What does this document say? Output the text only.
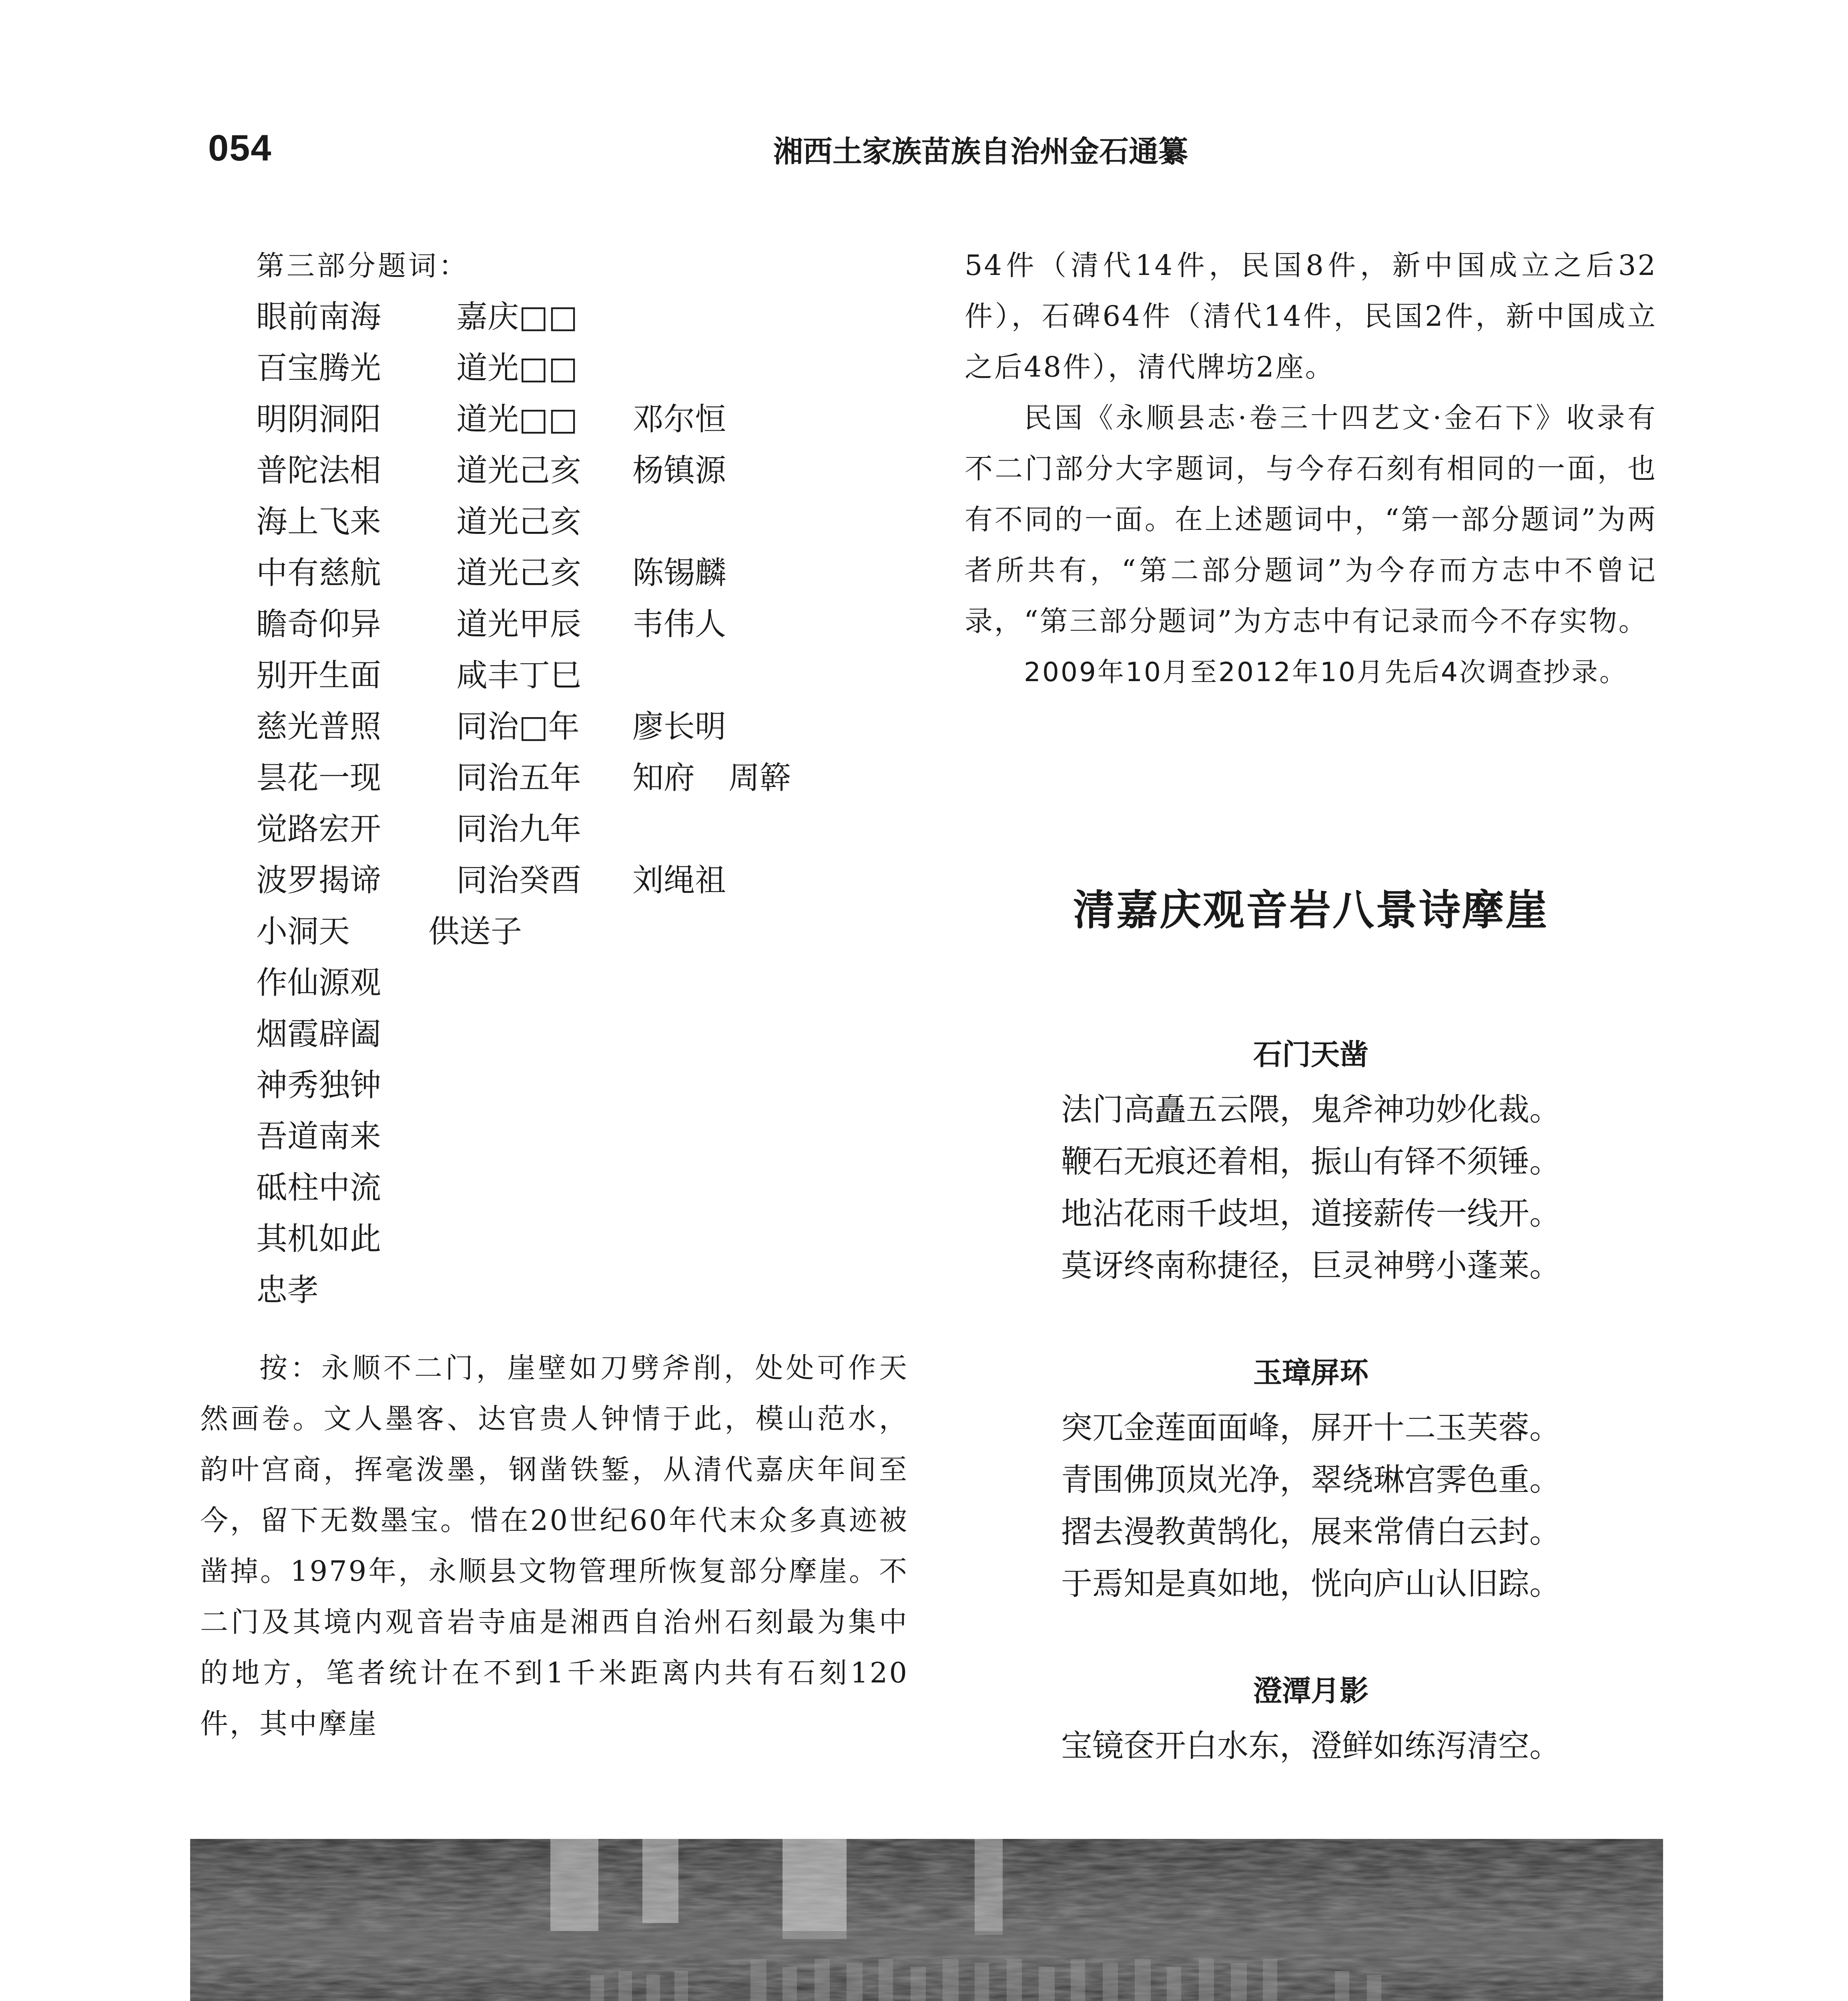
054	湘西土家族苗族自治州金石通纂
第三部分题词：
眼前南海 嘉庆□□
百宝腾光 道光□□
明阴洞阳 道光□□ 邓尔恒
普陀法相 道光己亥 杨镇源
海上飞来 道光己亥
中有慈航 道光己亥 陈锡麟
瞻奇仰异 道光甲辰 韦伟人
别开生面 咸丰丁巳
慈光普照 同治□年 廖长明
昙花一现 同治五年 知府 周簳
觉路宏开 同治九年
波罗揭谛 同治癸酉 刘绳祖
小洞天	供送子
作仙源观
烟霞辟阖
神秀独钟
吾道南来
砥柱中流
其机如此
忠孝
按：永顺不二门，崖壁如刀劈斧削，处处可作天然画卷。文人墨客、达官贵人钟情于此，模山范水，韵叶宫商，挥毫泼墨，钢凿铁錾，从清代嘉庆年间至今，留下无数墨宝。惜在20世纪60年代末众多真迹被凿掉。1979年，永顺县文物管理所恢复部分摩崖。不二门及其境内观音岩寺庙是湘西自治州石刻最为集中的地方，笔者统计在不到1千米距离内共有石刻120件，其中摩崖
54件（清代14件，民国8件，新中国成立之后32件），石碑64件（清代14件，民国2件，新中国成立之后48件），清代牌坊2座。
民国《永顺县志·卷三十四艺文·金石下》收录有不二门部分大字题词，与今存石刻有相同的一面，也有不同的一面。在上述题词中，“第一部分题词”为两者所共有，“第二部分题词”为今存而方志中不曾记录，“第三部分题词”为方志中有记录而今不存实物。
2009年10月至2012年10月先后4次调查抄录。
清嘉庆观音岩八景诗摩崖
石门天凿
法门高矗五云隈，鬼斧神功妙化裁。
鞭石无痕还着相，振山有铎不须锤。
地沾花雨千歧坦，道接薪传一线开。
莫讶终南称捷径，巨灵神劈小蓬莱。
玉璋屏环
突兀金莲面面峰，屏开十二玉芙蓉。
青围佛顶岚光净，翠绕琳宫霁色重。
摺去漫教黄鹄化，展来常倩白云封。
于焉知是真如地，恍向庐山认旧踪。
澄潭月影
宝镜奁开白水东，澄鲜如练泻清空。
